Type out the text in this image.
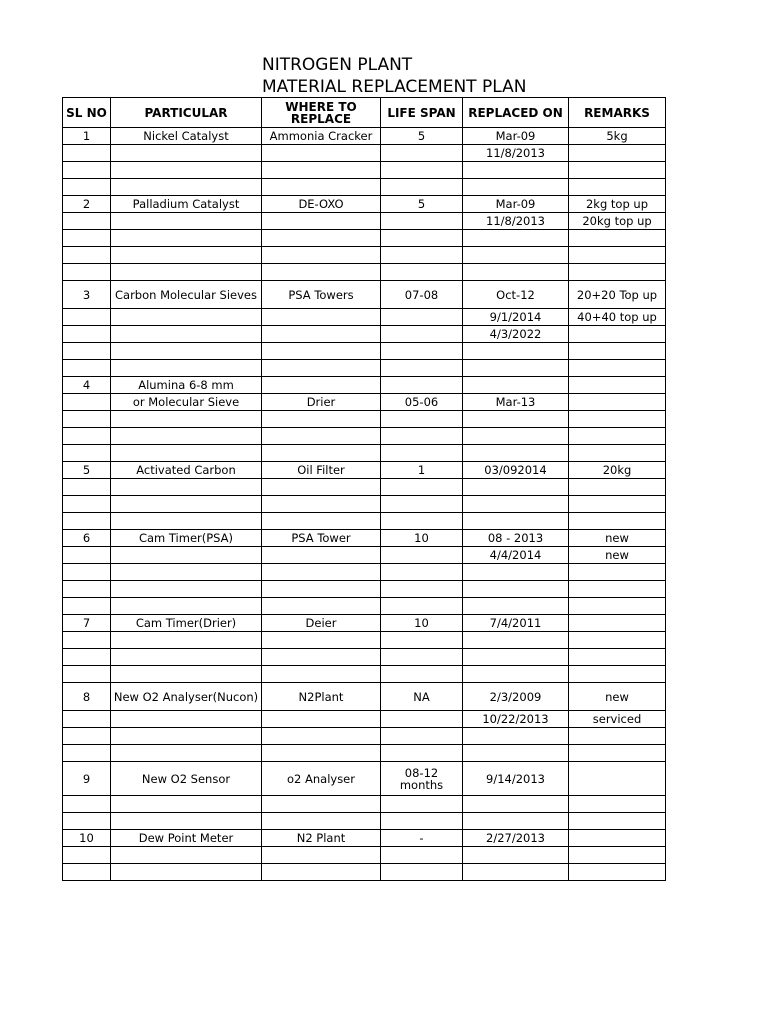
NITROGEN PLANT
MATERIAL REPLACEMENT PLAN
SL NO	PARTICULAR	WHERE TO REPLACE	LIFE SPAN	REPLACED ON	REMARKS
1	Nickel Catalyst	Ammonia Cracker	5	Mar-09	5kg
				11/8/2013	

2	Palladium Catalyst	DE-OXO	5	Mar-09	2kg top up
				11/8/2013	20kg top up

3	Carbon Molecular Sieves	PSA Towers	07-08	Oct-12	20+20 Top up
				9/1/2014	40+40 top up
				4/3/2022	

4	Alumina 6-8 mm				
	or Molecular Sieve	Drier	05-06	Mar-13	

5	Activated Carbon	Oil Filter	1	03/092014	20kg

6	Cam Timer(PSA)	PSA Tower	10	08 - 2013	new
				4/4/2014	new

7	Cam Timer(Drier)	Deier	10	7/4/2011	

8	New O2 Analyser(Nucon)	N2Plant	NA	2/3/2009	new
				10/22/2013	serviced

9	New O2 Sensor	o2 Analyser	08-12 months	9/14/2013	

10	Dew Point Meter	N2 Plant	-	2/27/2013	
